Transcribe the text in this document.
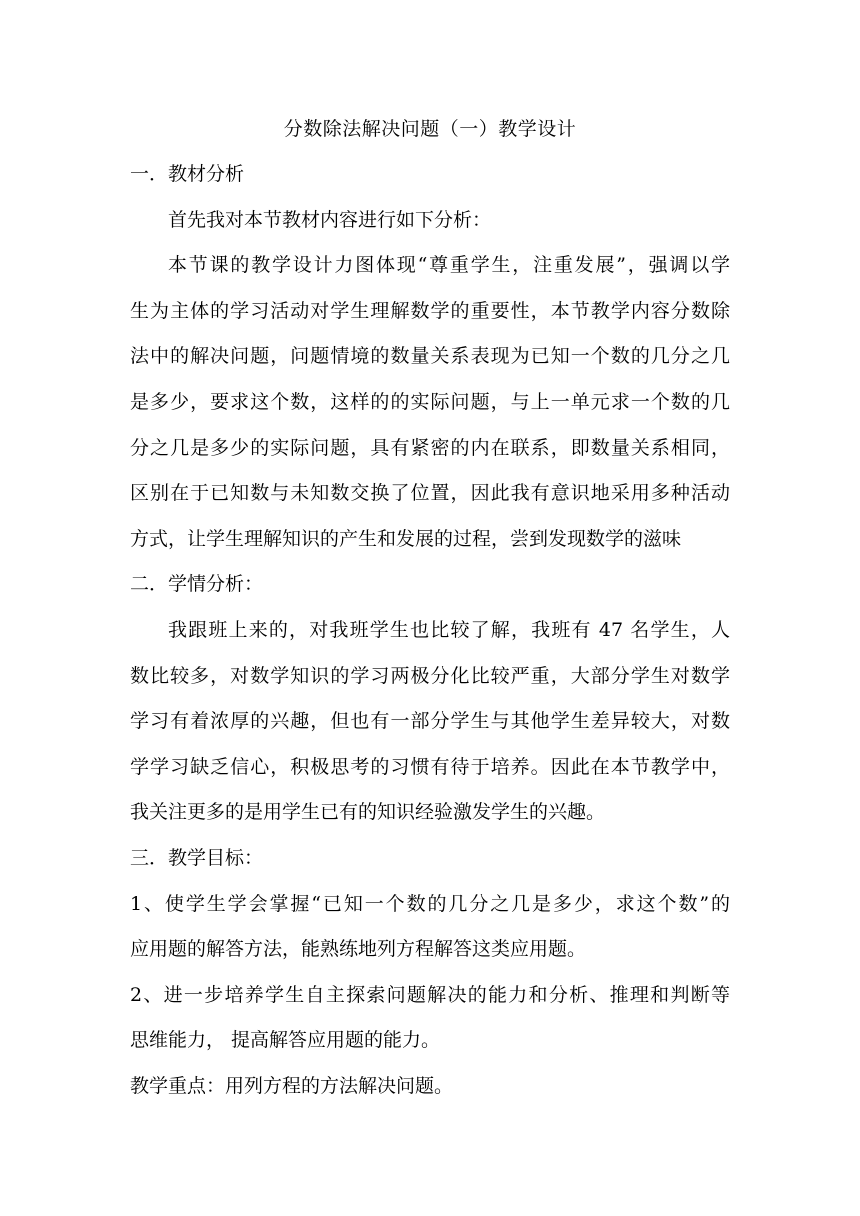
分数除法解决问题（一）教学设计
一．教材分析
首先我对本节教材内容进行如下分析：
本节课的教学设计力图体现“尊重学生，注重发展”，强调以学
生为主体的学习活动对学生理解数学的重要性，本节教学内容分数除
法中的解决问题，问题情境的数量关系表现为已知一个数的几分之几
是多少，要求这个数，这样的的实际问题，与上一单元求一个数的几
分之几是多少的实际问题，具有紧密的内在联系，即数量关系相同，
区别在于已知数与未知数交换了位置，因此我有意识地采用多种活动
方式，让学生理解知识的产生和发展的过程，尝到发现数学的滋味
二．学情分析：
我跟班上来的，对我班学生也比较了解，我班有 47 名学生，人
数比较多，对数学知识的学习两极分化比较严重，大部分学生对数学
学习有着浓厚的兴趣，但也有一部分学生与其他学生差异较大，对数
学学习缺乏信心，积极思考的习惯有待于培养。因此在本节教学中，
我关注更多的是用学生已有的知识经验激发学生的兴趣。
三．教学目标：
1、使学生学会掌握“已知一个数的几分之几是多少，求这个数”的
应用题的解答方法，能熟练地列方程解答这类应用题。
2、进一步培养学生自主探索问题解决的能力和分析、推理和判断等
思维能力， 提高解答应用题的能力。
教学重点：用列方程的方法解决问题。
